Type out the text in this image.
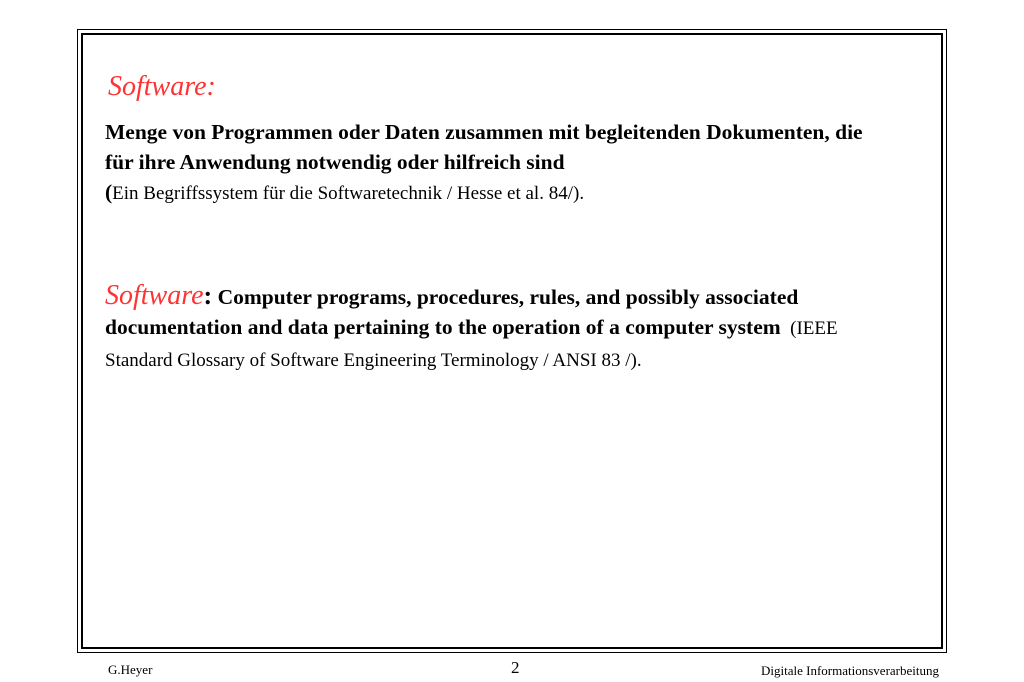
Software:
Menge von Programmen oder Daten zusammen mit begleitenden Dokumenten, die für ihre Anwendung notwendig oder hilfreich sind
(Ein Begriffssystem für die Softwaretechnik / Hesse et al. 84/).
Software: Computer programs, procedures, rules, and possibly associated documentation and data pertaining to the operation of a computer system  (IEEE Standard Glossary of Software Engineering Terminology / ANSI 83 /).
G.Heyer	2	Digitale Informationsverarbeitung
